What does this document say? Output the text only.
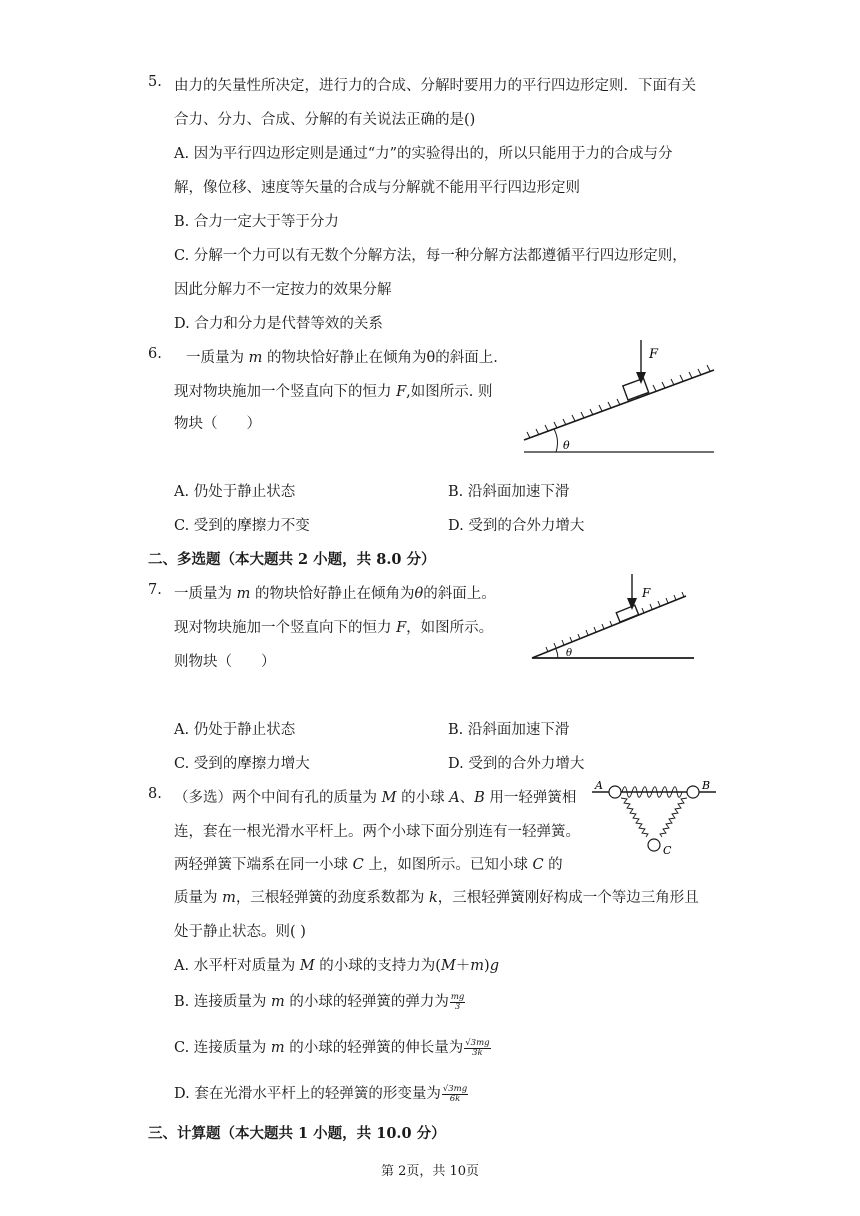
5. 由力的矢量性所决定，进行力的合成、分解时要用力的平行四边形定则．下面有关
合力、分力、合成、分解的有关说法正确的是()
A. 因为平行四边形定则是通过“力”的实验得出的，所以只能用于力的合成与分
解，像位移、速度等矢量的合成与分解就不能用平行四边形定则
B. 合力一定大于等于分力
C. 分解一个力可以有无数个分解方法，每一种分解方法都遵循平行四边形定则，
因此分解力不一定按力的效果分解
D. 合力和分力是代替等效的关系
6. 一质量为 m 的物块恰好静止在倾角为θ的斜面上.
现对物块施加一个竖直向下的恒力 F,如图所示. 则
物块（　　）
F
θ
A. 仍处于静止状态	B. 沿斜面加速下滑
C. 受到的摩擦力不变	D. 受到的合外力增大
二、多选题（本大题共 2 小题，共 8.0 分）
7. 一质量为 m 的物块恰好静止在倾角为θ的斜面上。
现对物块施加一个竖直向下的恒力 F，如图所示。
则物块（　　）
F
θ
A. 仍处于静止状态	B. 沿斜面加速下滑
C. 受到的摩擦力增大	D. 受到的合外力增大
8. （多选）两个中间有孔的质量为 M 的小球 A、B 用一轻弹簧相
连，套在一根光滑水平杆上。两个小球下面分别连有一轻弹簧。
两轻弹簧下端系在同一小球 C 上，如图所示。已知小球 C 的
质量为 m，三根轻弹簧的劲度系数都为 k，三根轻弹簧刚好构成一个等边三角形且
处于静止状态。则( )
A	B
C
A. 水平杆对质量为 M 的小球的支持力为(M＋m)g
B. 连接质量为 m 的小球的轻弹簧的弹力为 $\frac{mg}{3}$
C. 连接质量为 m 的小球的轻弹簧的伸长量为 $\frac{√3mg}{3k}$
D. 套在光滑水平杆上的轻弹簧的形变量为 $\frac{√3mg}{6k}$
三、计算题（本大题共 1 小题，共 10.0 分）
第 2页，共 10页
